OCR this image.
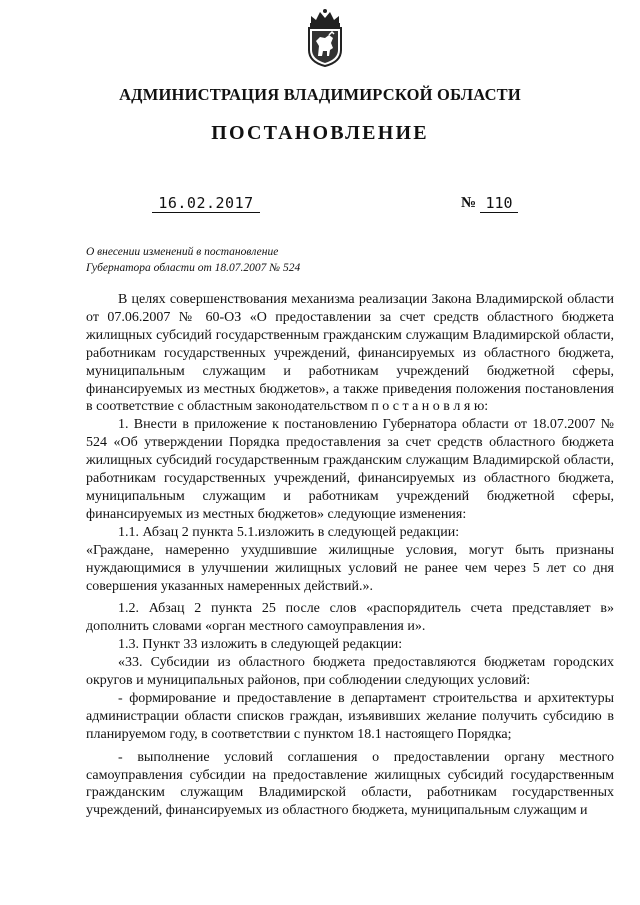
АДМИНИСТРАЦИЯ ВЛАДИМИРСКОЙ ОБЛАСТИ
ПОСТАНОВЛЕНИЕ
16.02.2017	№ 110
О внесении изменений в постановление
Губернатора области от 18.07.2007 № 524

В целях совершенствования механизма реализации Закона Владимирской области от 07.06.2007 № 60-ОЗ «О предоставлении за счет средств областного бюджета жилищных субсидий государственным гражданским служащим Владимирской области, работникам государственных учреждений, финансируемых из областного бюджета, муниципальным служащим и работникам учреждений бюджетной сферы, финансируемых из местных бюджетов», а также приведения положения постановления в соответствие с областным законодательством п о с т а н о в л я ю:

1. Внести в приложение к постановлению Губернатора области от 18.07.2007 № 524 «Об утверждении Порядка предоставления за счет средств областного бюджета жилищных субсидий государственным гражданским служащим Владимирской области, работникам государственных учреждений, финансируемых из областного бюджета, муниципальным служащим и работникам учреждений бюджетной сферы, финансируемых из местных бюджетов» следующие изменения:

1.1. Абзац 2 пункта 5.1.изложить в следующей редакции:

«Граждане, намеренно ухудшившие жилищные условия, могут быть признаны нуждающимися в улучшении жилищных условий не ранее чем через 5 лет со дня совершения указанных намеренных действий.».

1.2. Абзац 2 пункта 25 после слов «распорядитель счета представляет в» дополнить словами «орган местного самоуправления и».

1.3. Пункт 33 изложить в следующей редакции:

«33. Субсидии из областного бюджета предоставляются бюджетам городских округов и муниципальных районов, при соблюдении следующих условий:

- формирование и предоставление в департамент строительства и архитектуры администрации области списков граждан, изъявивших желание получить субсидию в планируемом году, в соответствии с пунктом 18.1 настоящего Порядка;

- выполнение условий соглашения о предоставлении органу местного самоуправления субсидии на предоставление жилищных субсидий государственным гражданским служащим Владимирской области, работникам государственных учреждений, финансируемых из областного бюджета, муниципальным служащим и
